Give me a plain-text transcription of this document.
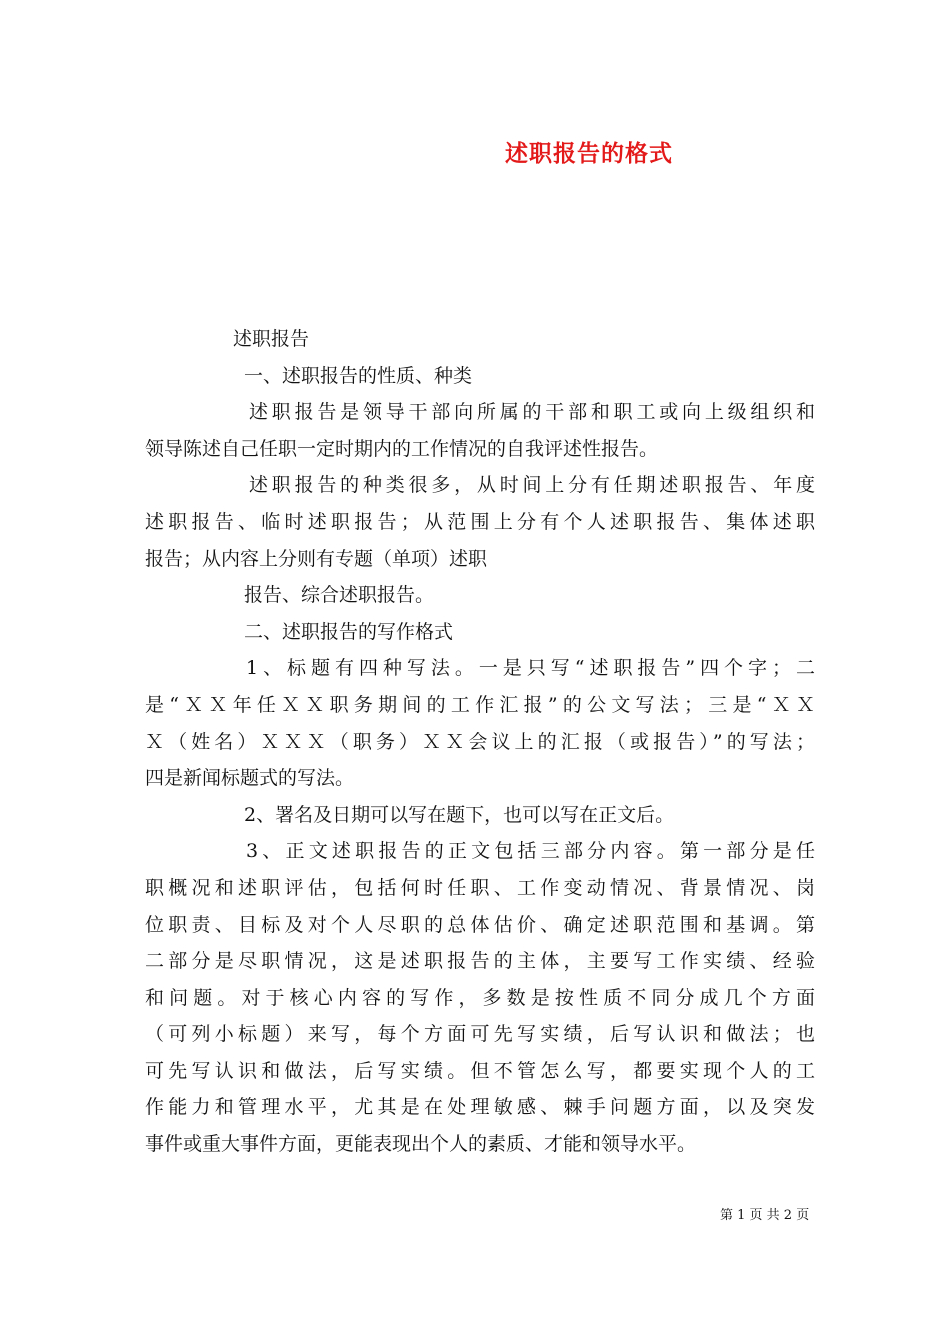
述职报告的格式
述职报告
一、述职报告的性质、种类
述职报告是领导干部向所属的干部和职工或向上级组织和
领导陈述自己任职一定时期内的工作情况的自我评述性报告。
述职报告的种类很多，从时间上分有任期述职报告、年度
述职报告、临时述职报告；从范围上分有个人述职报告、集体述职
报告；从内容上分则有专题（单项）述职
报告、综合述职报告。
二、述职报告的写作格式
1、标题有四种写法。一是只写“述职报告”四个字；二
是“ＸＸ年任ＸＸ职务期间的工作汇报”的公文写法；三是“ＸＸ
Ｘ（姓名）ＸＸＸ（职务）ＸＸ会议上的汇报（或报告）”的写法；
四是新闻标题式的写法。
2、署名及日期可以写在题下，也可以写在正文后。
3、正文述职报告的正文包括三部分内容。第一部分是任
职概况和述职评估，包括何时任职、工作变动情况、背景情况、岗
位职责、目标及对个人尽职的总体估价、确定述职范围和基调。第
二部分是尽职情况，这是述职报告的主体，主要写工作实绩、经验
和问题。对于核心内容的写作，多数是按性质不同分成几个方面
（可列小标题）来写，每个方面可先写实绩，后写认识和做法；也
可先写认识和做法，后写实绩。但不管怎么写，都要实现个人的工
作能力和管理水平，尤其是在处理敏感、棘手问题方面，以及突发
事件或重大事件方面，更能表现出个人的素质、才能和领导水平。
第 1 页 共 2 页
